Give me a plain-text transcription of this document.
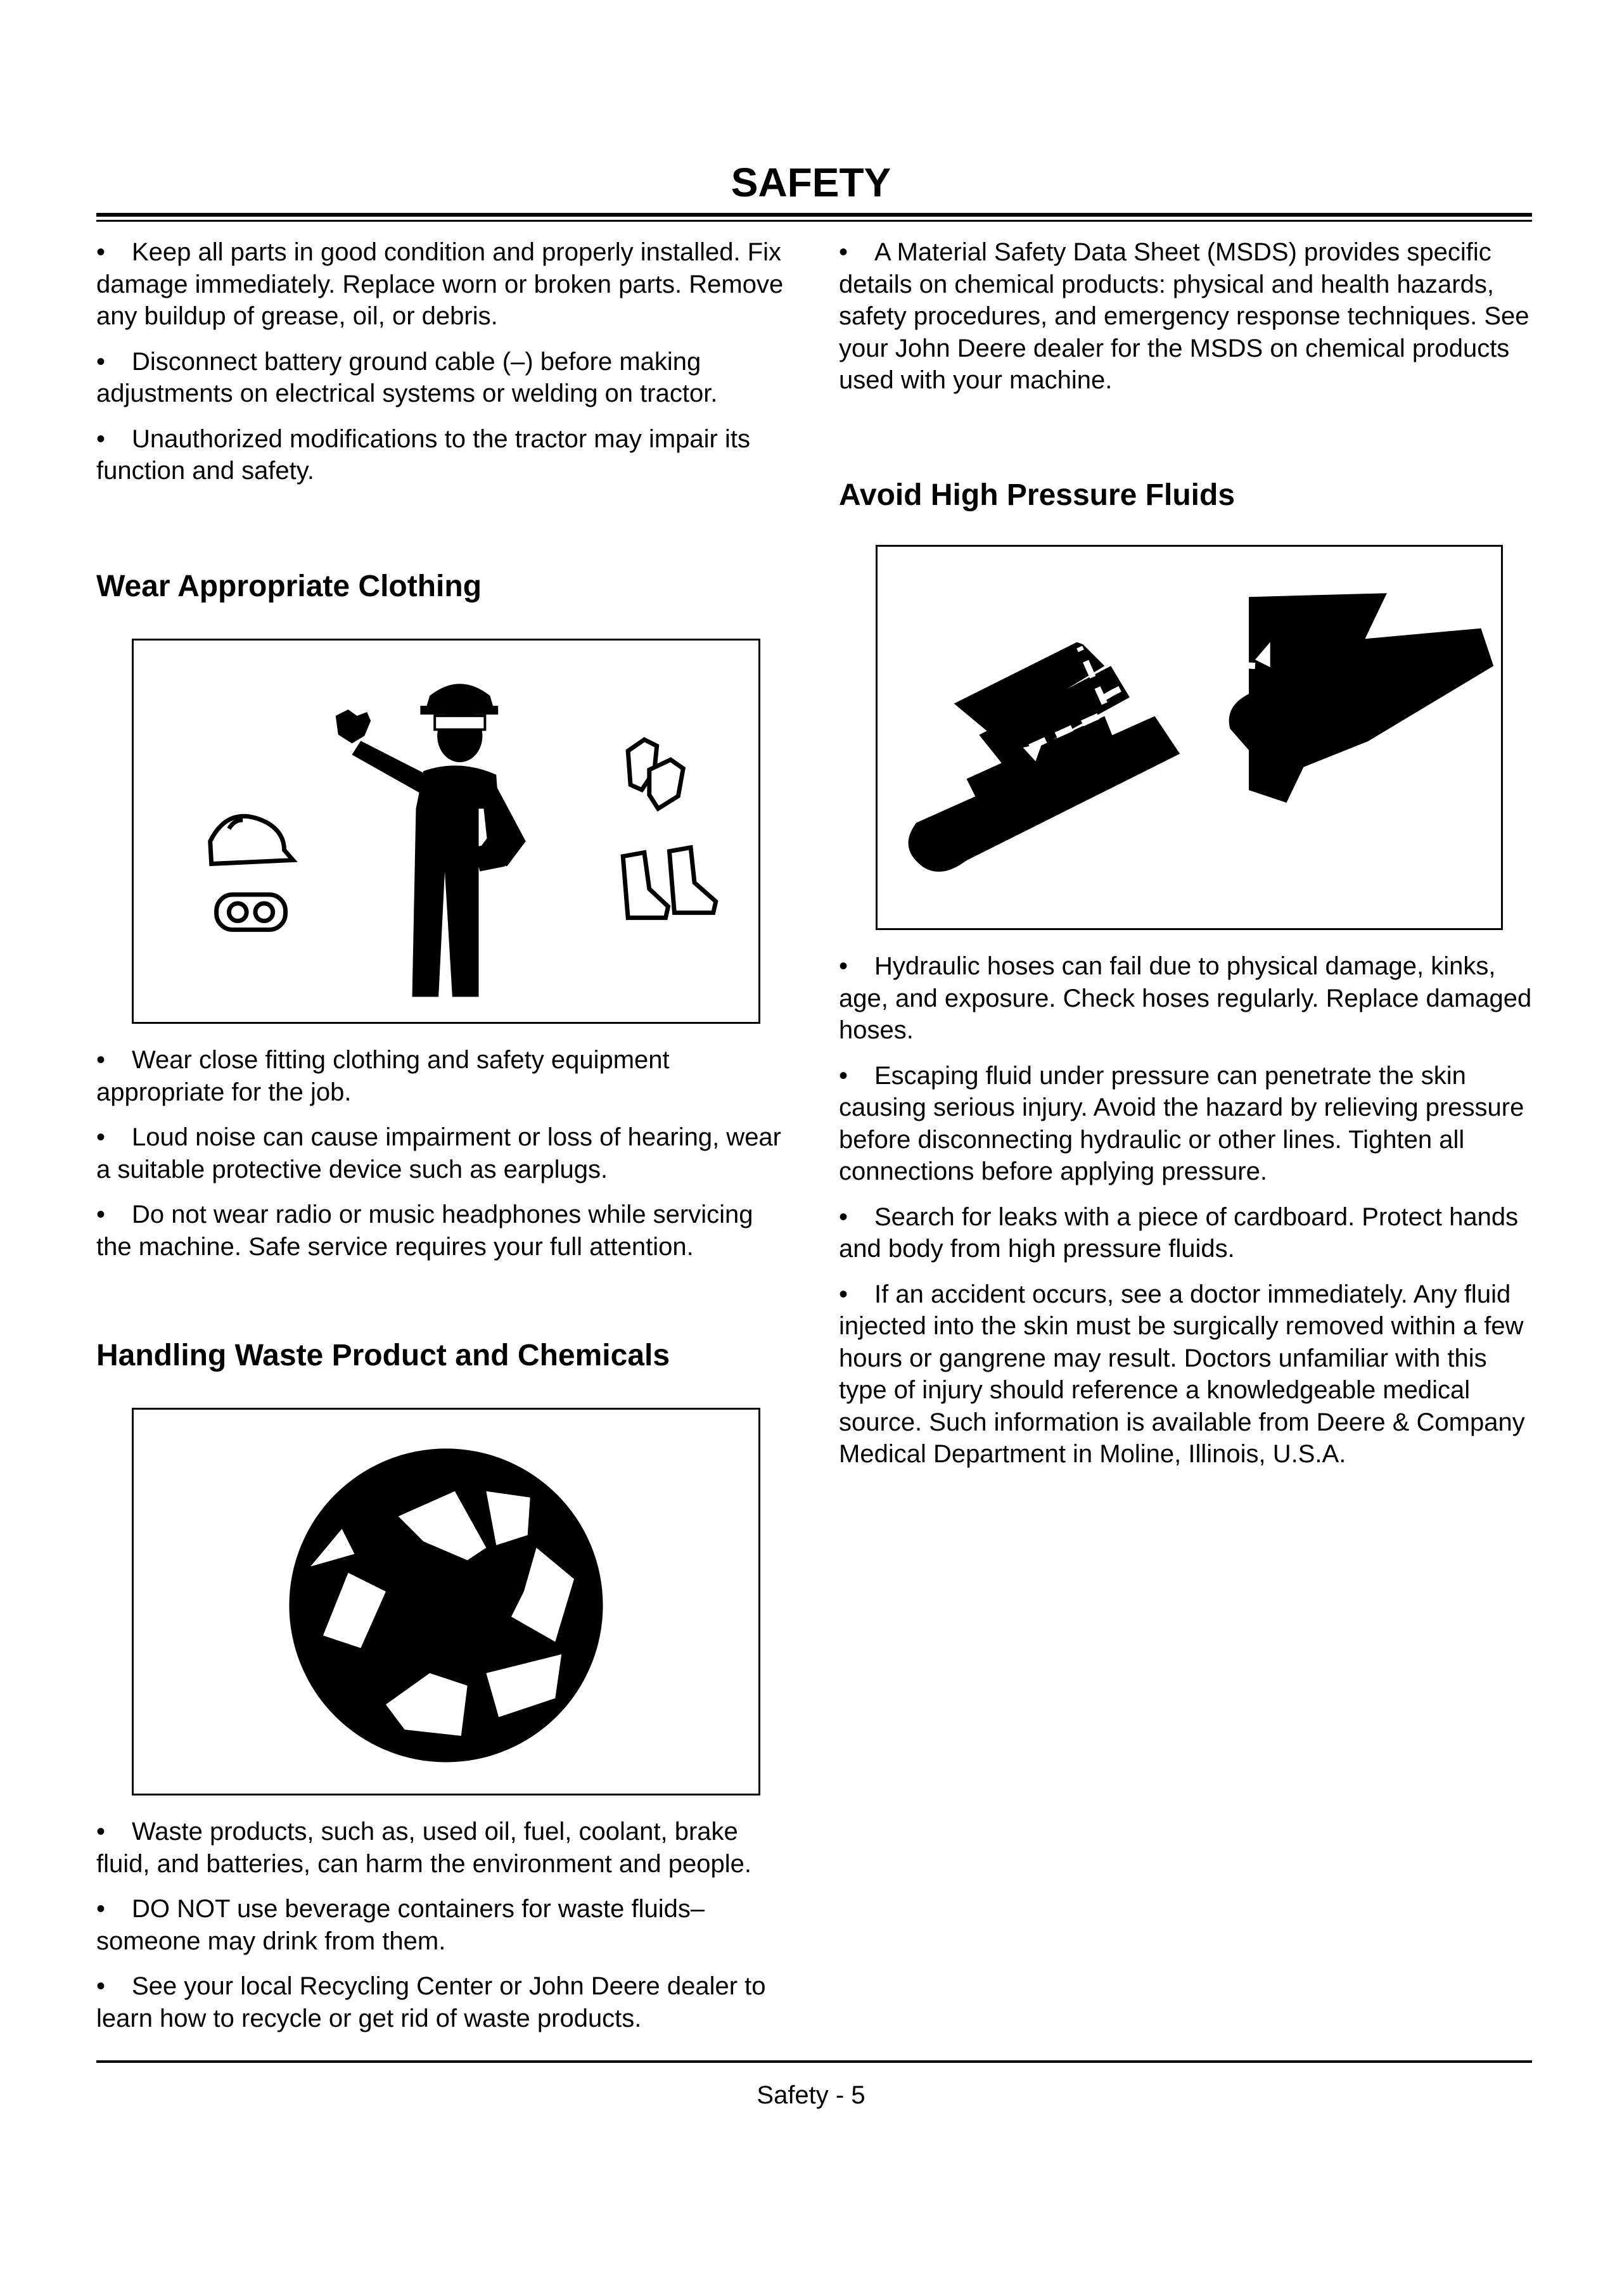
SAFETY

• Keep all parts in good condition and properly installed. Fix damage immediately. Replace worn or broken parts. Remove any buildup of grease, oil, or debris.

• Disconnect battery ground cable (–) before making adjustments on electrical systems or welding on tractor.

• Unauthorized modifications to the tractor may impair its function and safety.

Wear Appropriate Clothing

• Wear close fitting clothing and safety equipment appropriate for the job.

• Loud noise can cause impairment or loss of hearing, wear a suitable protective device such as earplugs.

• Do not wear radio or music headphones while servicing the machine. Safe service requires your full attention.

Handling Waste Product and Chemicals

• Waste products, such as, used oil, fuel, coolant, brake fluid, and batteries, can harm the environment and people.

• DO NOT use beverage containers for waste fluids– someone may drink from them.

• See your local Recycling Center or John Deere dealer to learn how to recycle or get rid of waste products.

• A Material Safety Data Sheet (MSDS) provides specific details on chemical products: physical and health hazards, safety procedures, and emergency response techniques. See your John Deere dealer for the MSDS on chemical products used with your machine.

Avoid High Pressure Fluids

• Hydraulic hoses can fail due to physical damage, kinks, age, and exposure. Check hoses regularly. Replace damaged hoses.

• Escaping fluid under pressure can penetrate the skin causing serious injury. Avoid the hazard by relieving pressure before disconnecting hydraulic or other lines. Tighten all connections before applying pressure.

• Search for leaks with a piece of cardboard. Protect hands and body from high pressure fluids.

• If an accident occurs, see a doctor immediately. Any fluid injected into the skin must be surgically removed within a few hours or gangrene may result. Doctors unfamiliar with this type of injury should reference a knowledgeable medical source. Such information is available from Deere & Company Medical Department in Moline, Illinois, U.S.A.

Safety - 5
